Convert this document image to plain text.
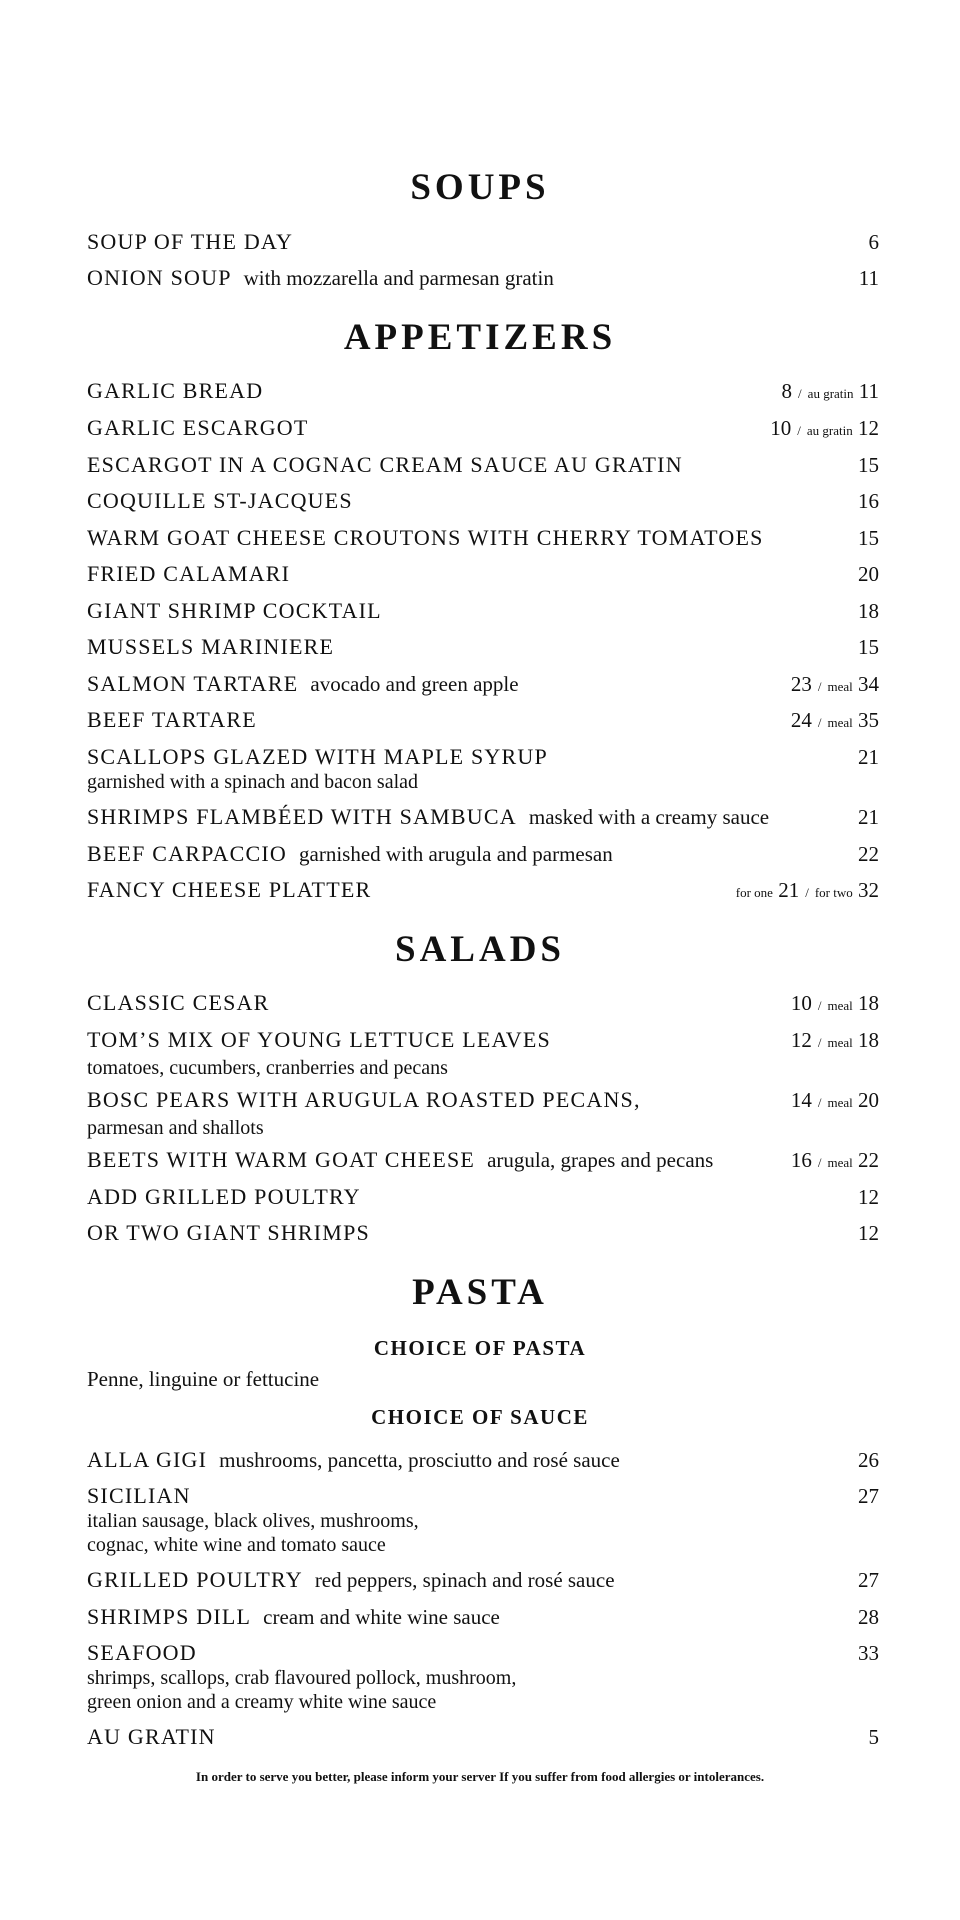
SOUPS
SOUP OF THE DAY	6
ONION SOUP with mozzarella and parmesan gratin	11
APPETIZERS
GARLIC BREAD	8 / au gratin 11
GARLIC ESCARGOT	10 / au gratin 12
ESCARGOT IN A COGNAC CREAM SAUCE AU GRATIN	15
COQUILLE ST-JACQUES	16
WARM GOAT CHEESE CROUTONS WITH CHERRY TOMATOES	15
FRIED CALAMARI	20
GIANT SHRIMP COCKTAIL	18
MUSSELS MARINIERE	15
SALMON TARTARE avocado and green apple	23 / meal 34
BEEF TARTARE	24 / meal 35
SCALLOPS GLAZED WITH MAPLE SYRUP	21
garnished with a spinach and bacon salad
SHRIMPS FLAMBÉED WITH SAMBUCA masked with a creamy sauce	21
BEEF CARPACCIO garnished with arugula and parmesan	22
FANCY CHEESE PLATTER	for one 21 / for two 32
SALADS
CLASSIC CESAR	10 / meal 18
TOM’S MIX OF YOUNG LETTUCE LEAVES	12 / meal 18
tomatoes, cucumbers, cranberries and pecans
BOSC PEARS WITH ARUGULA ROASTED PECANS,	14 / meal 20
parmesan and shallots
BEETS WITH WARM GOAT CHEESE arugula, grapes and pecans	16 / meal 22
ADD GRILLED POULTRY	12
OR TWO GIANT SHRIMPS	12
PASTA
CHOICE OF PASTA
Penne, linguine or fettucine
CHOICE OF SAUCE
ALLA GIGI mushrooms, pancetta, prosciutto and rosé sauce	26
SICILIAN	27
italian sausage, black olives, mushrooms,
cognac, white wine and tomato sauce
GRILLED POULTRY red peppers, spinach and rosé sauce	27
SHRIMPS DILL cream and white wine sauce	28
SEAFOOD	33
shrimps, scallops, crab flavoured pollock, mushroom,
green onion and a creamy white wine sauce
AU GRATIN	5
In order to serve you better, please inform your server If you suffer from food allergies or intolerances.
